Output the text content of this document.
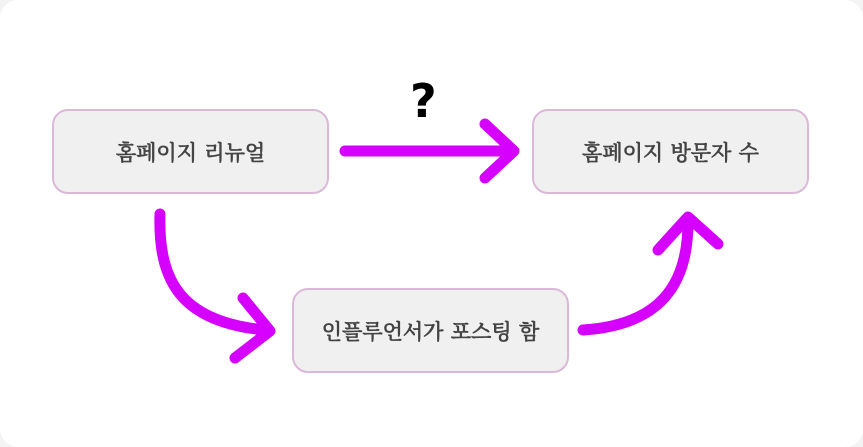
?
홈페이지 리뉴얼	홈페이지 방문자 수
인플루언서가 포스팅 함
